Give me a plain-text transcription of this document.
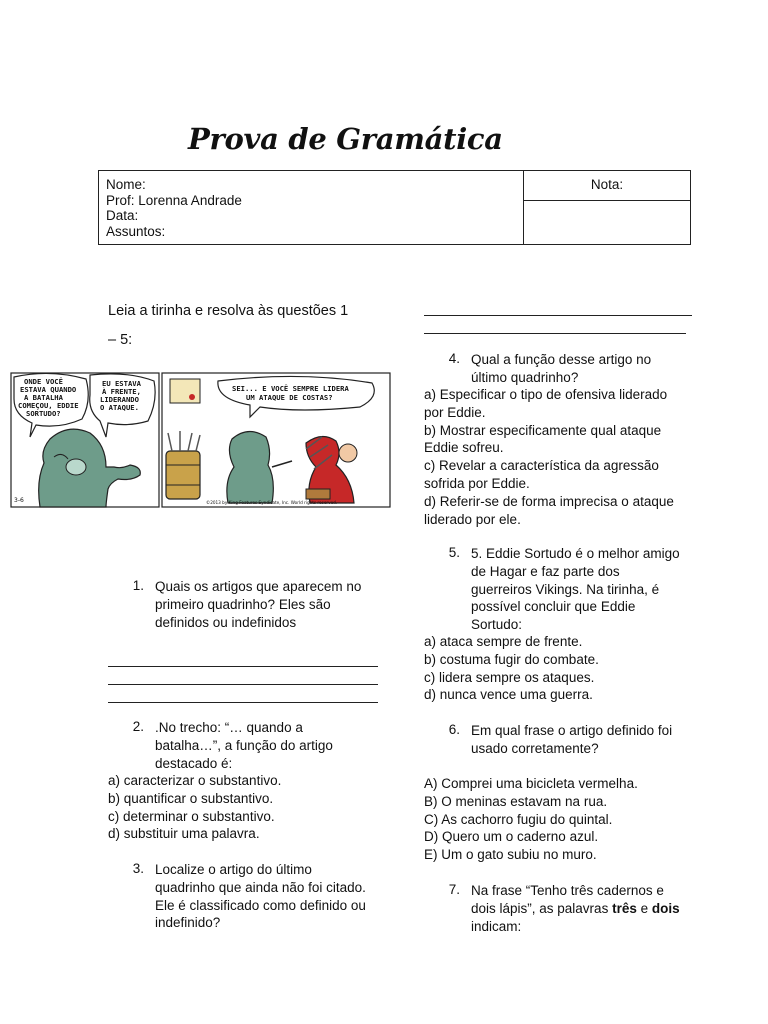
Prova de Gramática
Nome:
Prof: Lorenna Andrade
Data:
Assuntos:
Nota:
Leia a tirinha e resolva às questões 1
– 5:
ONDE VOCÊ ESTAVA QUANDO A BATALHA COMEÇOU, EDDIE SORTUDO?
EU ESTAVA À FRENTE, LIDERANDO O ATAQUE.
3-6
SEI... E VOCÊ SEMPRE LIDERA UM ATAQUE DE COSTAS?
©2013 by King Features Syndicate, Inc. World rights reserved.
1. Quais os artigos que aparecem no
primeiro quadrinho? Eles são
definidos ou indefinidos
2. .No trecho: “… quando a
batalha…”, a função do artigo
destacado é:
a) caracterizar o substantivo.
b) quantificar o substantivo.
c) determinar o substantivo.
d) substituir uma palavra.
3. Localize o artigo do último
quadrinho que ainda não foi citado.
Ele é classificado como definido ou
indefinido?
4. Qual a função desse artigo no
último quadrinho?
a) Especificar o tipo de ofensiva liderado
por Eddie.
b) Mostrar especificamente qual ataque
Eddie sofreu.
c) Revelar a característica da agressão
sofrida por Eddie.
d) Referir-se de forma imprecisa o ataque
liderado por ele.
5. 5. Eddie Sortudo é o melhor amigo
de Hagar e faz parte dos
guerreiros Vikings. Na tirinha, é
possível concluir que Eddie
Sortudo:
a) ataca sempre de frente.
b) costuma fugir do combate.
c) lidera sempre os ataques.
d) nunca vence uma guerra.
6. Em qual frase o artigo definido foi
usado corretamente?
A) Comprei uma bicicleta vermelha.
B) O meninas estavam na rua.
C) As cachorro fugiu do quintal.
D) Quero um o caderno azul.
E) Um o gato subiu no muro.
7. Na frase “Tenho três cadernos e
dois lápis”, as palavras três e dois
indicam:
